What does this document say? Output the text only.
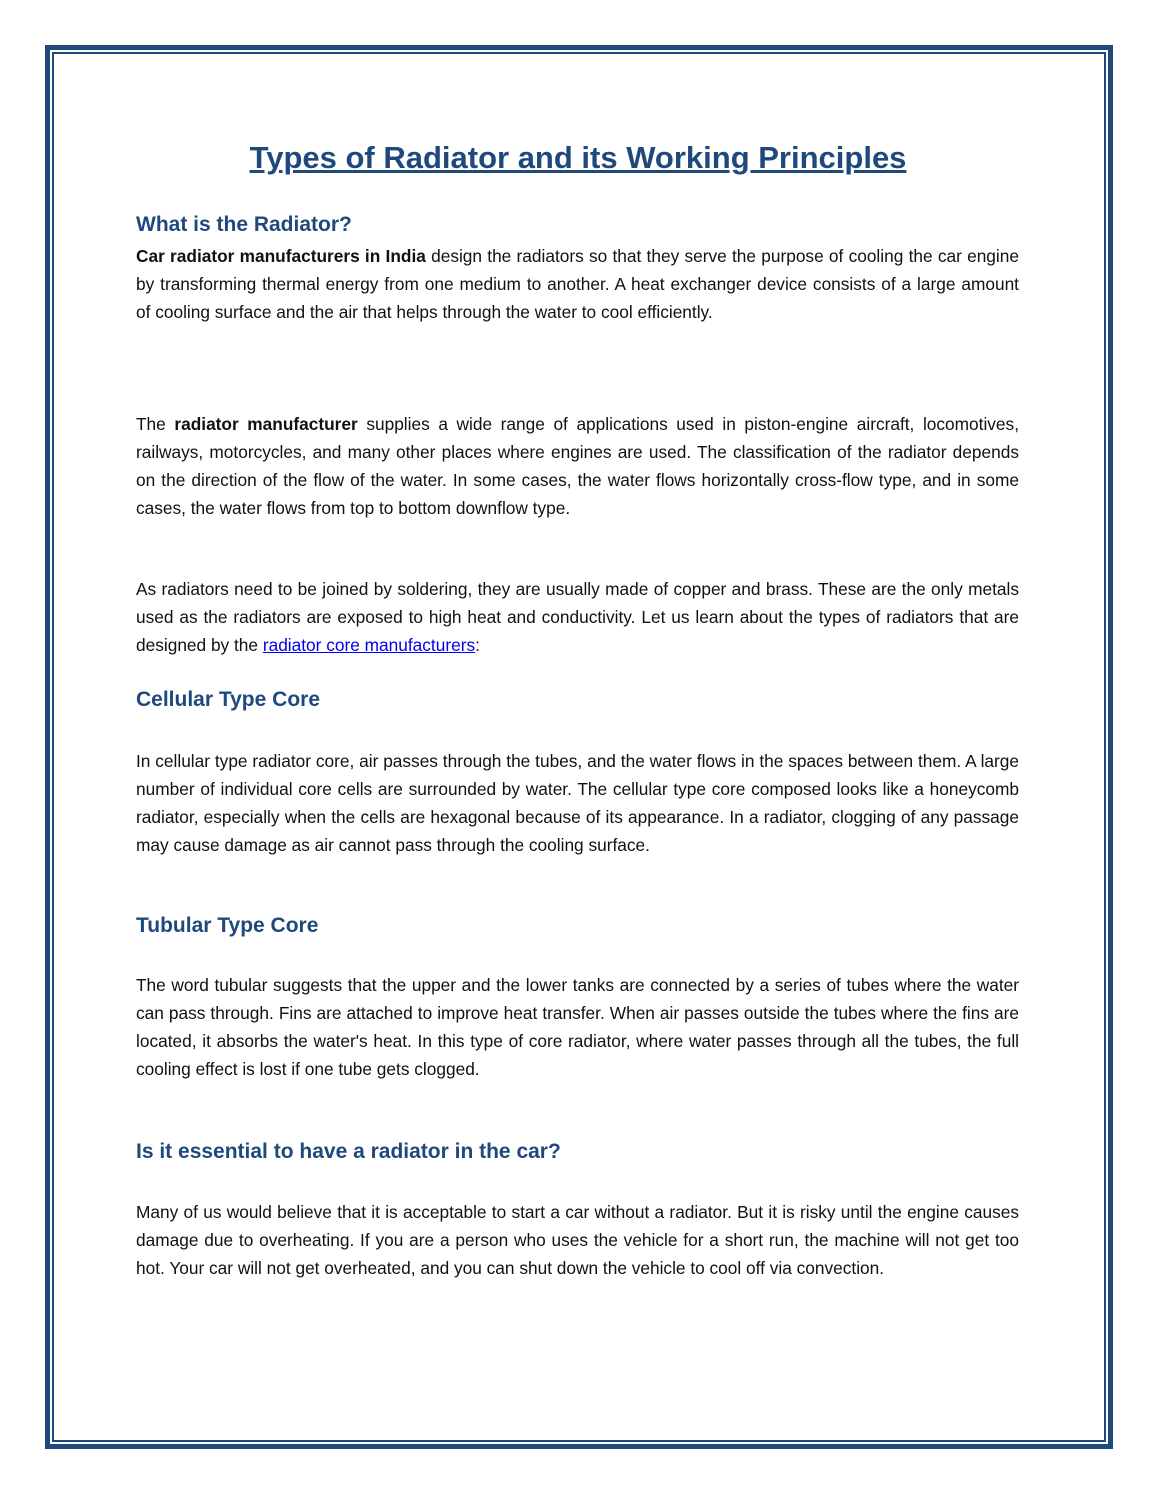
Types of Radiator and its Working Principles
What is the Radiator?

Car radiator manufacturers in India design the radiators so that they serve the purpose of cooling the car engine by transforming thermal energy from one medium to another. A heat exchanger device consists of a large amount of cooling surface and the air that helps through the water to cool efficiently.

The radiator manufacturer supplies a wide range of applications used in piston-engine aircraft, locomotives, railways, motorcycles, and many other places where engines are used. The classification of the radiator depends on the direction of the flow of the water. In some cases, the water flows horizontally cross-flow type, and in some cases, the water flows from top to bottom downflow type.

As radiators need to be joined by soldering, they are usually made of copper and brass. These are the only metals used as the radiators are exposed to high heat and conductivity. Let us learn about the types of radiators that are designed by the radiator core manufacturers:

Cellular Type Core

In cellular type radiator core, air passes through the tubes, and the water flows in the spaces between them. A large number of individual core cells are surrounded by water. The cellular type core composed looks like a honeycomb radiator, especially when the cells are hexagonal because of its appearance. In a radiator, clogging of any passage may cause damage as air cannot pass through the cooling surface.

Tubular Type Core

The word tubular suggests that the upper and the lower tanks are connected by a series of tubes where the water can pass through. Fins are attached to improve heat transfer. When air passes outside the tubes where the fins are located, it absorbs the water's heat. In this type of core radiator, where water passes through all the tubes, the full cooling effect is lost if one tube gets clogged.

Is it essential to have a radiator in the car?

Many of us would believe that it is acceptable to start a car without a radiator. But it is risky until the engine causes damage due to overheating. If you are a person who uses the vehicle for a short run, the machine will not get too hot. Your car will not get overheated, and you can shut down the vehicle to cool off via convection.
